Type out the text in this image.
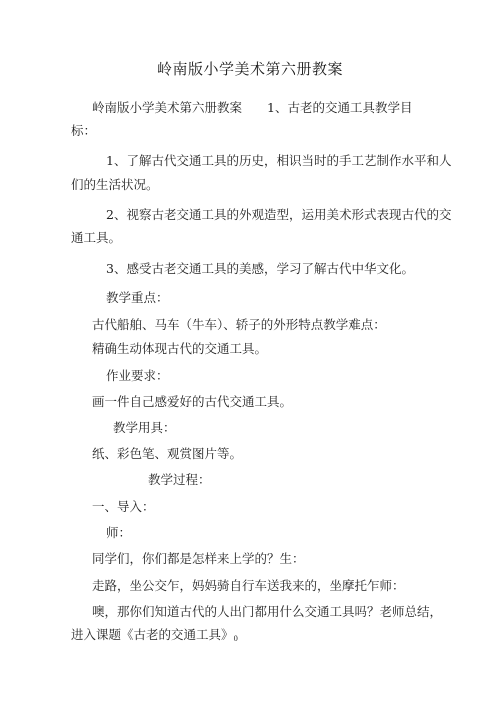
岭南版小学美术第六册教案
岭南版小学美术第六册教案　　1、古老的交通工具教学目
标：
1、了解古代交通工具的历史，相识当时的手工艺制作水平和人
们的生活状况。
2、视察古老交通工具的外观造型，运用美术形式表现古代的交
通工具。
3、感受古老交通工具的美感，学习了解古代中华文化。
教学重点：
古代船舶、马车（牛车）、轿子的外形特点教学难点：
精确生动体现古代的交通工具。
作业要求：
画一件自己感爱好的古代交通工具。
教学用具：
纸、彩色笔、观赏图片等。
教学过程：
一、导入：
师：
同学们，你们都是怎样来上学的？生：
走路，坐公交乍，妈妈骑自行车送我来的，坐摩托乍师：
噢，那你们知道古代的人出门都用什么交通工具吗？老师总结，
进入课题《古老的交通工具》0
